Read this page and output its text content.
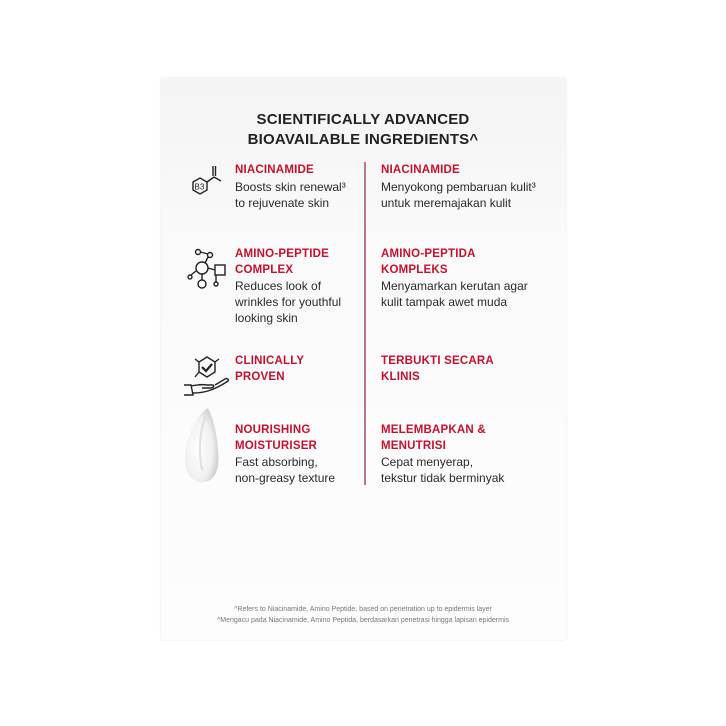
SCIENTIFICALLY ADVANCED
BIOAVAILABLE INGREDIENTS^
B3
NIACINAMIDE
Boosts skin renewal³
to rejuvenate skin
AMINO-PEPTIDE
COMPLEX
Reduces look of
wrinkles for youthful
looking skin
CLINICALLY
PROVEN
NOURISHING
MOISTURISER
Fast absorbing,
non-greasy texture
NIACINAMIDE
Menyokong pembaruan kulit³
untuk meremajakan kulit
AMINO-PEPTIDA
KOMPLEKS
Menyamarkan kerutan agar
kulit tampak awet muda
TERBUKTI SECARA
KLINIS
MELEMBAPKAN &
MENUTRISI
Cepat menyerap,
tekstur tidak berminyak
^Refers to Niacinamide, Amino Peptide, based on penetration up to epidermis layer
^Mengacu pada Niacinamide, Amino Peptida, berdasarkan penetrasi hingga lapisan epidermis
